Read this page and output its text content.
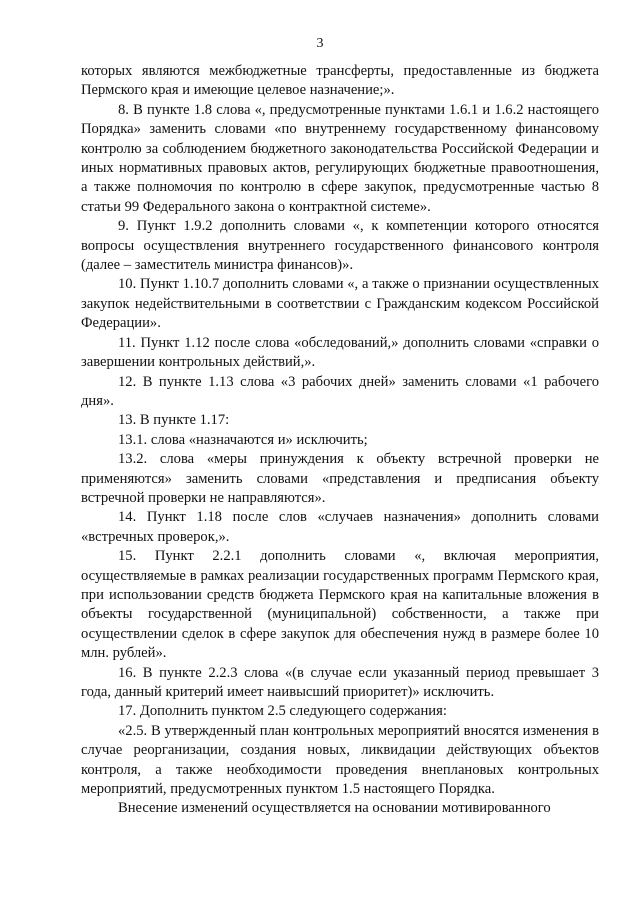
3

которых являются межбюджетные трансферты, предоставленные из бюджета Пермского края и имеющие целевое назначение;».

8. В пункте 1.8 слова «, предусмотренные пунктами 1.6.1 и 1.6.2 настоящего Порядка» заменить словами «по внутреннему государственному финансовому контролю за соблюдением бюджетного законодательства Российской Федерации и иных нормативных правовых актов, регулирующих бюджетные правоотношения, а также полномочия по контролю в сфере закупок, предусмотренные частью 8 статьи 99 Федерального закона о контрактной системе».

9. Пункт 1.9.2 дополнить словами «, к компетенции которого относятся вопросы осуществления внутреннего государственного финансового контроля (далее – заместитель министра финансов)».

10. Пункт 1.10.7 дополнить словами «, а также о признании осуществленных закупок недействительными в соответствии с Гражданским кодексом Российской Федерации».

11. Пункт 1.12 после слова «обследований,» дополнить словами «справки о завершении контрольных действий,».

12. В пункте 1.13 слова «3 рабочих дней» заменить словами «1 рабочего дня».

13. В пункте 1.17:

13.1. слова «назначаются и» исключить;

13.2. слова «меры принуждения к объекту встречной проверки не применяются» заменить словами «представления и предписания объекту встречной проверки не направляются».

14. Пункт 1.18 после слов «случаев назначения» дополнить словами «встречных проверок,».

15. Пункт 2.2.1 дополнить словами «, включая мероприятия, осуществляемые в рамках реализации государственных программ Пермского края, при использовании средств бюджета Пермского края на капитальные вложения в объекты государственной (муниципальной) собственности, а также при осуществлении сделок в сфере закупок для обеспечения нужд в размере более 10 млн. рублей».

16. В пункте 2.2.3 слова «(в случае если указанный период превышает 3 года, данный критерий имеет наивысший приоритет)» исключить.

17. Дополнить пунктом 2.5 следующего содержания:

«2.5. В утвержденный план контрольных мероприятий вносятся изменения в случае реорганизации, создания новых, ликвидации действующих объектов контроля, а также необходимости проведения внеплановых контрольных мероприятий, предусмотренных пунктом 1.5 настоящего Порядка.

Внесение изменений осуществляется на основании мотивированного
